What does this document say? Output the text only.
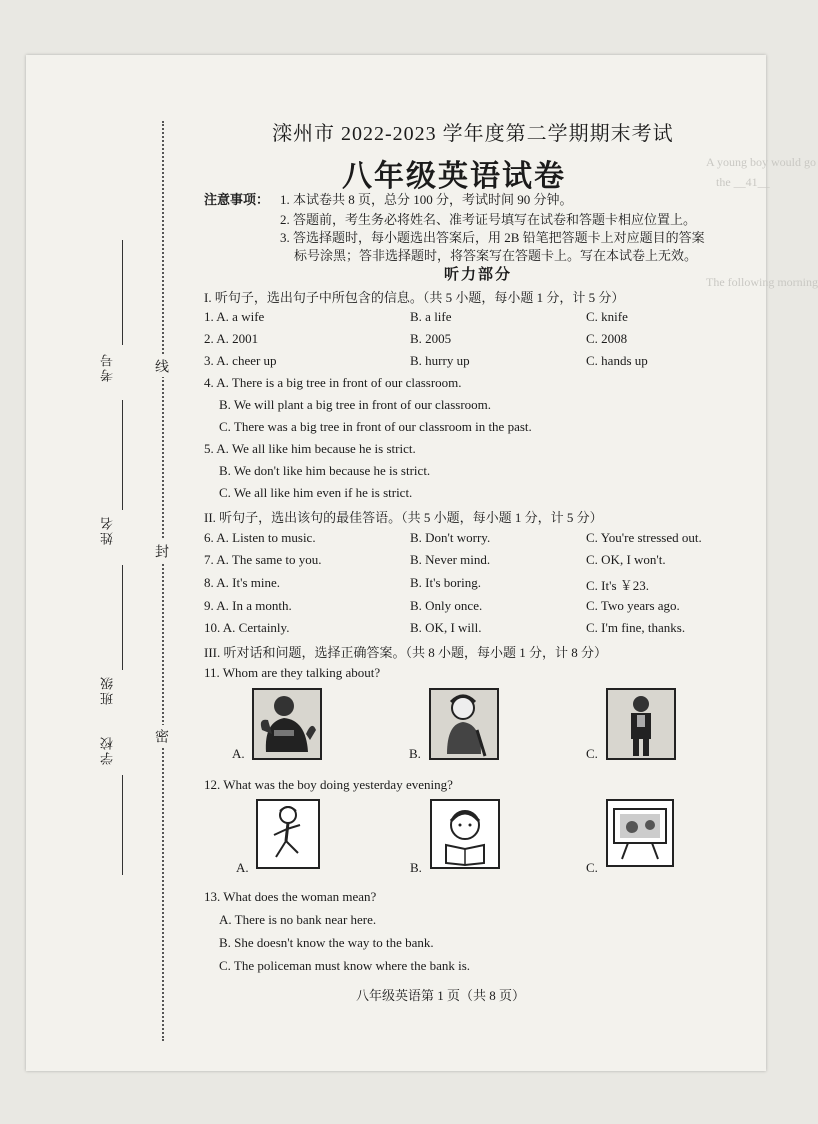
A young boy would go
the __41__
The following morning
线
封
密
考号
姓名
班级
学校
滦州市 2022-2023 学年度第二学期期末考试
八年级英语试卷
注意事项： 1. 本试卷共 8 页，总分 100 分，考试时间 90 分钟。
2. 答题前，考生务必将姓名、准考证号填写在试卷和答题卡相应位置上。
3. 答选择题时，每小题选出答案后，用 2B 铅笔把答题卡上对应题目的答案
标号涂黑；答非选择题时，将答案写在答题卡上。写在本试卷上无效。
听力部分
I. 听句子，选出句子中所包含的信息。（共 5 小题，每小题 1 分，计 5 分）
1. A. a wife	B. a life	C. knife
2. A. 2001	B. 2005	C. 2008
3. A. cheer up	B. hurry up	C. hands up
4. A. There is a big tree in front of our classroom.
B. We will plant a big tree in front of our classroom.
C. There was a big tree in front of our classroom in the past.
5. A. We all like him because he is strict.
B. We don't like him because he is strict.
C. We all like him even if he is strict.
II. 听句子，选出该句的最佳答语。（共 5 小题，每小题 1 分，计 5 分）
6. A. Listen to music.	B. Don't worry.	C. You're stressed out.
7. A. The same to you.	B. Never mind.	C. OK, I won't.
8. A. It's mine.	B. It's boring.	C. It's ￥23.
9. A. In a month.	B. Only once.	C. Two years ago.
10. A. Certainly.	B. OK, I will.	C. I'm fine, thanks.
III. 听对话和问题，选择正确答案。（共 8 小题，每小题 1 分，计 8 分）
11. Whom are they talking about?
A.	B.	C.
12. What was the boy doing yesterday evening?
A.	B.	C.
13. What does the woman mean?
A. There is no bank near here.
B. She doesn't know the way to the bank.
C. The policeman must know where the bank is.
八年级英语第 1 页（共 8 页）
